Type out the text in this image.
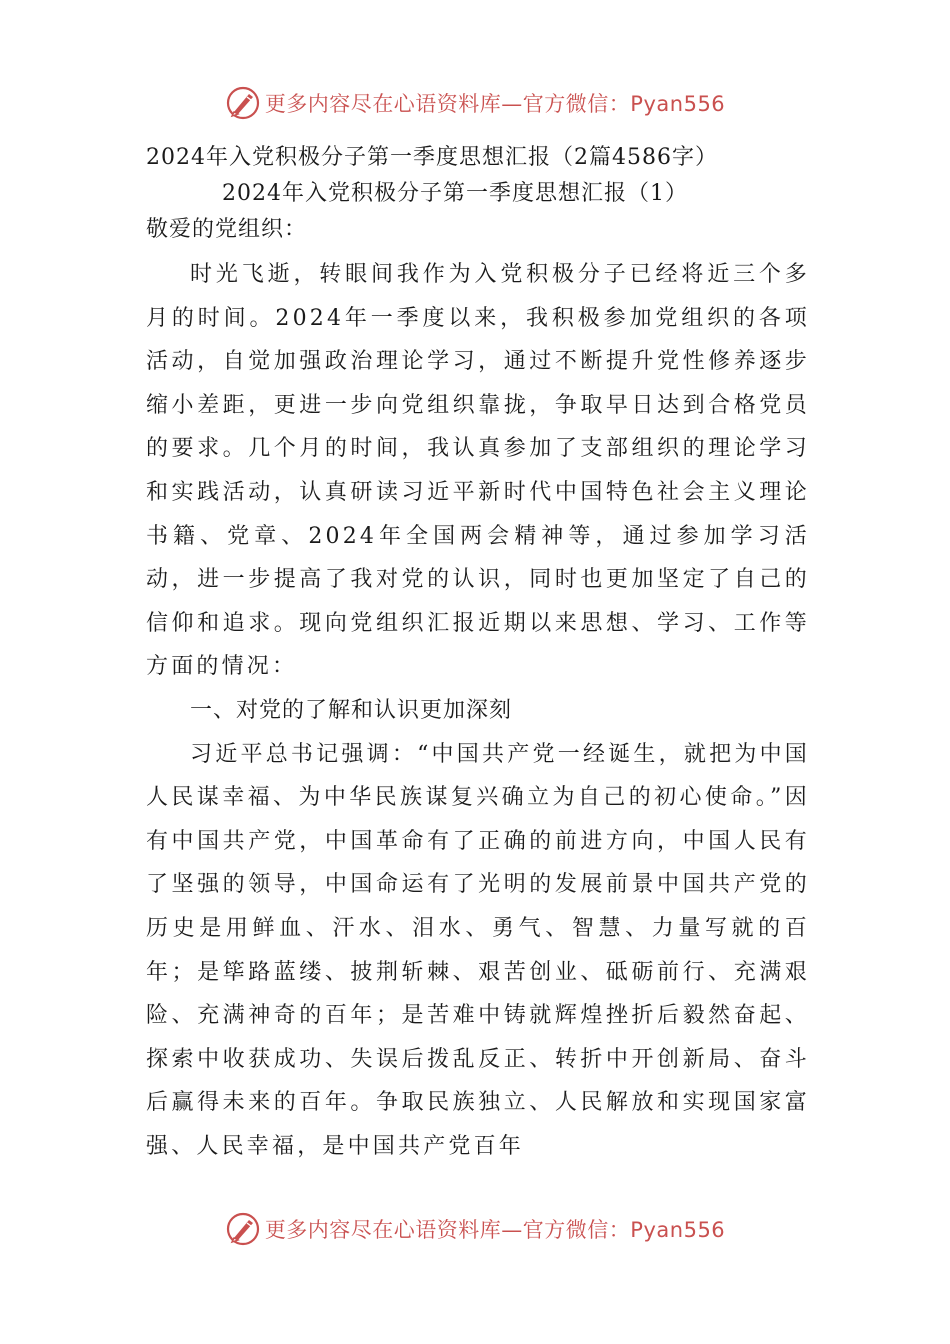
更多内容尽在心语资料库—官方微信：Pyan556
2024年入党积极分子第一季度思想汇报（2篇4586字）
2024年入党积极分子第一季度思想汇报（1）

敬爱的党组织：

时光飞逝，转眼间我作为入党积极分子已经将近三个多月的时间。2024年一季度以来，我积极参加党组织的各项活动，自觉加强政治理论学习，通过不断提升党性修养逐步缩小差距，更进一步向党组织靠拢，争取早日达到合格党员的要求。几个月的时间，我认真参加了支部组织的理论学习和实践活动，认真研读习近平新时代中国特色社会主义理论书籍、党章、2024年全国两会精神等，通过参加学习活动，进一步提高了我对党的认识，同时也更加坚定了自己的信仰和追求。现向党组织汇报近期以来思想、学习、工作等方面的情况：

一、对党的了解和认识更加深刻

习近平总书记强调：“中国共产党一经诞生，就把为中国人民谋幸福、为中华民族谋复兴确立为自己的初心使命。”因有中国共产党，中国革命有了正确的前进方向，中国人民有了坚强的领导，中国命运有了光明的发展前景中国共产党的历史是用鲜血、汗水、泪水、勇气、智慧、力量写就的百年；是筚路蓝缕、披荆斩棘、艰苦创业、砥砺前行、充满艰险、充满神奇的百年；是苦难中铸就辉煌挫折后毅然奋起、探索中收获成功、失误后拨乱反正、转折中开创新局、奋斗后赢得未来的百年。争取民族独立、人民解放和实现国家富强、人民幸福，是中国共产党百年

更多内容尽在心语资料库—官方微信：Pyan556
